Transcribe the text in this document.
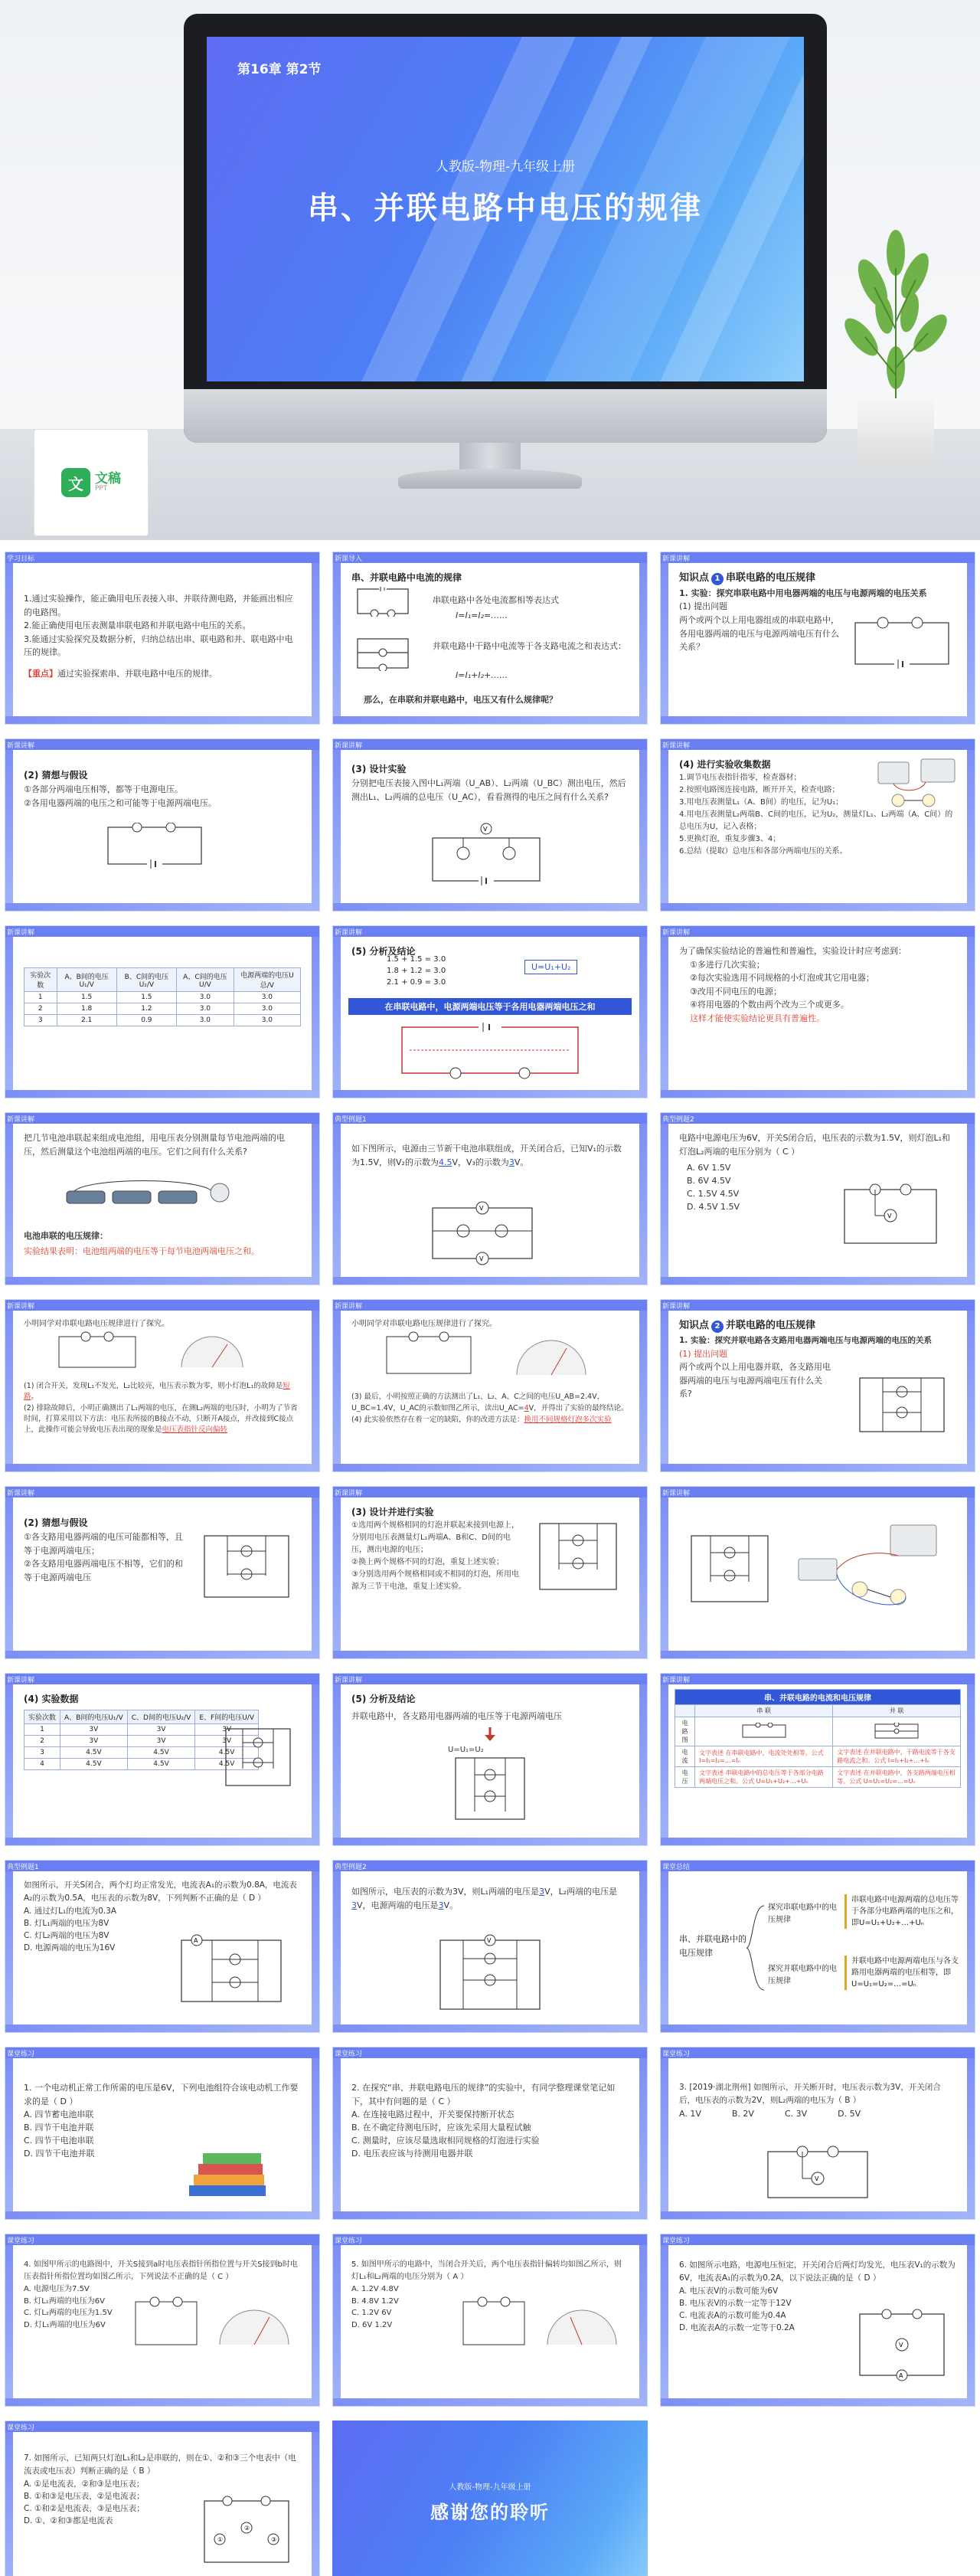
第16章 第2节
人教版-物理-九年级上册
串、并联电路中电压的规律
文 文稿
PPT
学习目标

1.通过实验操作，能正确用电压表接入串、并联待测电路，并能画出相应的电路图。

2.能正确使用电压表测量串联电路和并联电路中电压的关系。

3.能通过实验探究及数据分析，归纳总结出串、联电路和并、联电路中电压的规律。

【重点】通过实验探索串、并联电路中电压的规律。

新课导入

串、并联电路中电流的规律

串联电路中各处电流都相等表达式

I=I₁=I₂=……

并联电路中干路中电流等于各支路电流之和表达式：

I=I₁+I₂+……

那么，在串联和并联电路中，电压又有什么规律呢？

新课讲解

知识点 1 串联电路的电压规律

1. 实验：探究串联电路中用电器两端的电压与电源两端的电压关系

(1) 提出问题

两个或两个以上用电器组成的串联电路中，各用电器两端的电压与电源两端电压有什么关系？

新课讲解

(2) 猜想与假设

①各部分两端电压相等，都等于电源电压。

②各用电器两端的电压之和可能等于电源两端电压。

新课讲解

(3) 设计实验

分别把电压表接入图中L₁两端（U_AB）、L₂两端（U_BC）测出电压，然后测出L₁、L₂两端的总电压（U_AC），看看测得的电压之间有什么关系?

V
新课讲解

(4) 进行实验收集数据

1.调节电压表指针指零，检查器材；

2.按照电路图连接电路，断开开关，检查电路；

3.用电压表测量L₁（A、B间）的电压，记为U₁；

4.用电压表测量L₂两端B、C间的电压，记为U₂，测量灯L₁、L₂两端（A、C间）的总电压为U，记入表格；

5.更换灯泡，重复步骤3、4；

6.总结（提取）总电压和各部分两端电压的关系。

新课讲解
实验次数	A、B间的电压U₁/V	B、C间的电压U₂/V	A、C间的电压U/V	电源两端的电压U总/V
1	1.5	1.5	3.0	3.0
2	1.8	1.2	3.0	3.0
3	2.1	0.9	3.0	3.0
新课讲解

(5) 分析及结论

1.5 + 1.5 = 3.0
1.8 + 1.2 = 3.0
2.1 + 0.9 = 3.0
U=U₁+U₂
在串联电路中，电源两端电压等于各用电器两端电压之和
新课讲解

为了确保实验结论的普遍性和普遍性，实验设计时应考虑到：

①多进行几次实验；

②每次实验选用不同规格的小灯泡或其它用电器；

③改用不同电压的电源；

④将用电器的个数由两个改为三个或更多。

这样才能使实验结论更具有普遍性。

新课讲解

把几节电池串联起来组成电池组，用电压表分别测量每节电池两端的电压，然后测量这个电池组两端的电压。它们之间有什么关系?

电池串联的电压规律：

实验结果表明：电池组两端的电压等于每节电池两端电压之和。

典型例题1

如下图所示，电源由三节新干电池串联组成，开关闭合后，已知V₁的示数为1.5V，则V₂的示数为4.5V，V₃的示数为3V。

V
V
典型例题2

电路中电源电压为6V，开关S闭合后，电压表的示数为1.5V，则灯泡L₁和灯泡L₂两端的电压分别为（ C ）

A. 6V 1.5V
B. 6V 4.5V
C. 1.5V 4.5V
D. 4.5V 1.5V
V
新课讲解

小明同学对串联电路电压规律进行了探究。

(1) 闭合开关，发现L₁不发光，L₂比较亮，电压表示数为零，则小灯泡L₁的故障是短路。
(2) 排除故障后，小明正确测出了L₁两端的电压，在测L₂两端的电压时，小明为了节省时间，打算采用以下方法：电压表所接的B接点不动，只断开A接点，并改接到C接点上，此操作可能会导致电压表出现的现象是电压表指针反向偏转

新课讲解

小明同学对串联电路电压规律进行了探究。

(3) 最后，小明按照正确的方法测出了L₁、L₂、A、C之间的电压U_AB=2.4V，U_BC=1.4V，U_AC的示数如图乙所示，读出U_AC=4V，并得出了实验的最终结论。
(4) 此实验依然存在着一定的缺陷，你的改进方法是：换用不同规格灯泡多次实验

新课讲解

知识点 2 并联电路的电压规律

1. 实验：探究并联电路各支路用电器两端电压与电源两端的电压的关系

(1) 提出问题

两个或两个以上用电器并联，各支路用电器两端的电压与电源两端电压有什么关系?

新课讲解

(2) 猜想与假设

①各支路用电器两端的电压可能都相等，且等于电源两端电压；

②各支路用电器两端电压不相等，它们的和等于电源两端电压

新课讲解

(3) 设计并进行实验

①选用两个规格相同的灯泡并联起来接到电源上，分别用电压表测量灯L₁两端A、B和C、D间的电压，测出电源的电压；

②换上两个规格不同的灯泡，重复上述实验；

③分别选用两个规格相同或不相同的灯泡，所用电源为三节干电池，重复上述实验。

新课讲解
新课讲解

(4) 实验数据

实验次数	A、B间的电压U₁/V	C、D间的电压U₂/V	E、F间的电压U/V
1	3V	3V	3V
2	3V	3V	3V
3	4.5V	4.5V	4.5V
4	4.5V	4.5V	4.5V
新课讲解

(5) 分析及结论

并联电路中，各支路用电器两端的电压等于电源两端电压

U=U₁=U₂

新课讲解
串、并联电路的电流和电压规律		
	串 联	并 联
电路图		
电 流	文字表述 在串联电路中，电流处处相等。公式 I=I₁=I₂=…=Iₙ	文字表述 在并联电路中，干路电流等于各支路电流之和。公式 I=I₁+I₂+…+Iₙ
电 压	文字表述 串联电路中的总电压等于各部分电路两端电压之和。公式 U=U₁+U₂+…+Uₙ	文字表述 在并联电路中，各支路两端电压相等。公式 U=U₁=U₂=…=Uₙ
典型例题1

如图所示，开关S闭合，两个灯均正常发光，电流表A₁的示数为0.8A，电流表A₂的示数为0.5A，电压表的示数为8V，下列判断不正确的是（ D ）

A. 通过灯L₁的电流为0.3A
B. 灯L₁两端的电压为8V
C. 灯L₂两端的电压为8V
D. 电源两端的电压为16V
A
典型例题2

如图所示，电压表的示数为3V，则L₁两端的电压是3V，L₂两端的电压是3V，电源两端的电压是3V。

V
课堂总结
串、并联电路中的电压规律
探究串联电路中的电压规律
探究并联电路中的电压规律
串联电路中电源两端的总电压等于各部分电路两端的电压之和，即U=U₁+U₂+…+Uₙ
并联电路中电源两端电压与各支路用电器两端的电压相等，即U=U₁=U₂=…=Uₙ
课堂练习

1. 一个电动机正常工作所需的电压是6V，下列电池组符合该电动机工作要求的是（ D ）

A. 四节蓄电池串联
B. 四节干电池并联
C. 四节干电池串联
D. 四节干电池并联
课堂练习

2. 在探究“串、并联电路电压的规律”的实验中，有同学整理课堂笔记如下，其中有问题的是（ C ）

A. 在连接电路过程中，开关要保持断开状态
B. 在不确定待测电压时，应该先采用大量程试触
C. 测量时，应该尽量选取相同规格的灯泡进行实验
D. 电压表应该与待测用电器并联
课堂练习

3. [2019·湖北荆州] 如图所示，开关断开时，电压表示数为3V，开关闭合后，电压表的示数为2V，则L₂两端的电压为（ B ）

A. 1V	B. 2V	C. 3V	D. 5V
V
课堂练习

4. 如图甲所示的电路图中，开关S接到a时电压表指针所指位置与开关S接到b时电压表指针所指位置均如图乙所示，下列说法不正确的是（ C ）

A. 电源电压为7.5V
B. 灯L₁两端的电压为6V
C. 灯L₂两端的电压为1.5V
D. 灯L₁两端的电压为6V
课堂练习

5. 如图甲所示的电路中，当闭合开关后，两个电压表指针偏转均如图乙所示，则灯L₁和L₂两端的电压分别为（ A ）

A. 1.2V 4.8V
B. 4.8V 1.2V
C. 1.2V 6V
D. 6V 1.2V
课堂练习

6. 如图所示电路，电源电压恒定，开关闭合后两灯均发光，电压表V₁的示数为6V，电流表A₁的示数为0.2A，以下说法正确的是（ D ）

A. 电压表V的示数可能为6V
B. 电压表V的示数一定等于12V
C. 电流表A的示数可能为0.4A
D. 电流表A的示数一定等于0.2A
V
A
课堂练习

7. 如图所示，已知两只灯泡L₁和L₂是串联的，则在①、②和③三个电表中（电流表或电压表）判断正确的是（ B ）

A. ①是电流表，②和③是电压表；
B. ①和③是电压表，②是电流表；
C. ①和②是电流表，③是电压表；
D. ①、②和③都是电流表
②
①	③
人教版-物理-九年级上册
感谢您的聆听
